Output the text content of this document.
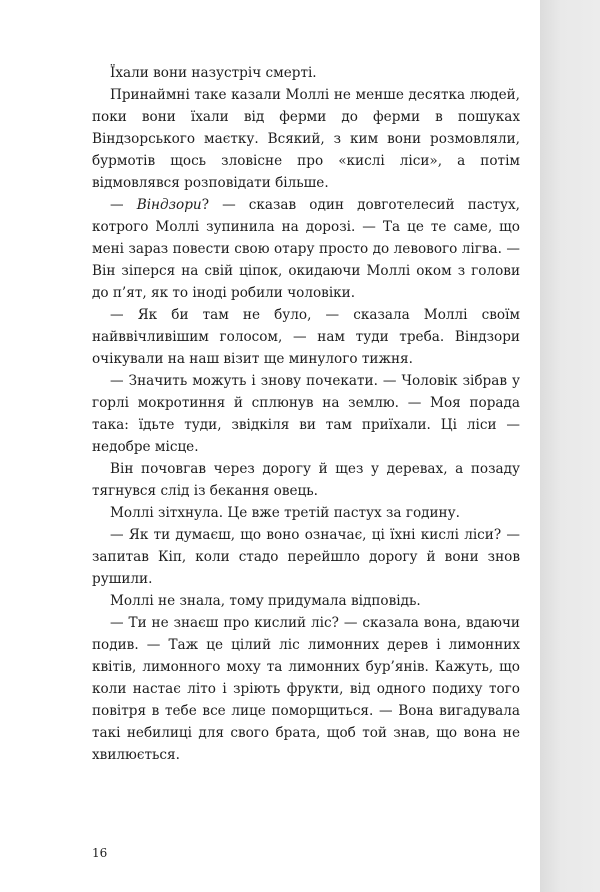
Їхали вони назустріч смерті.

Принаймні таке казали Моллі не менше десятка людей, поки вони їхали від ферми до ферми в пошуках Віндзорського маєтку. Всякий, з ким вони розмовляли, бурмотів щось зловісне про «кислі ліси», а потім відмовлявся розповідати більше.

— Віндзори? — сказав один довготелесий пастух, котрого Моллі зупинила на дорозі. — Та це те саме, що мені зараз повести свою отару просто до левового лігва. — Він зіперся на свій ціпок, окидаючи Моллі оком з голови до п’ят, як то іноді робили чоловіки.

— Як би там не було, — сказала Моллі своїм найввічливішим голосом, — нам туди треба. Віндзори очікували на наш візит ще минулого тижня.

— Значить можуть і знову почекати. — Чоловік зібрав у горлі мокротиння й сплюнув на землю. — Моя порада така: їдьте туди, звідкіля ви там приїхали. Ці ліси — недобре місце.

Він почовгав через дорогу й щез у деревах, а позаду тягнувся слід із бекання овець.

Моллі зітхнула. Це вже третій пастух за годину.

— Як ти думаєш, що воно означає, ці їхні кислі ліси? — запитав Кіп, коли стадо перейшло дорогу й вони знов рушили.

Моллі не знала, тому придумала відповідь.

— Ти не знаєш про кислий ліс? — сказала вона, вдаючи подив. — Таж це цілий ліс лимонних дерев і лимонних квітів, лимонного моху та лимонних бур’янів. Кажуть, що коли настає літо і зріють фрукти, від одного подиху того повітря в тебе все лице поморщиться. — Вона вигадувала такі небилиці для свого брата, щоб той знав, що вона не хвилюється.

16
